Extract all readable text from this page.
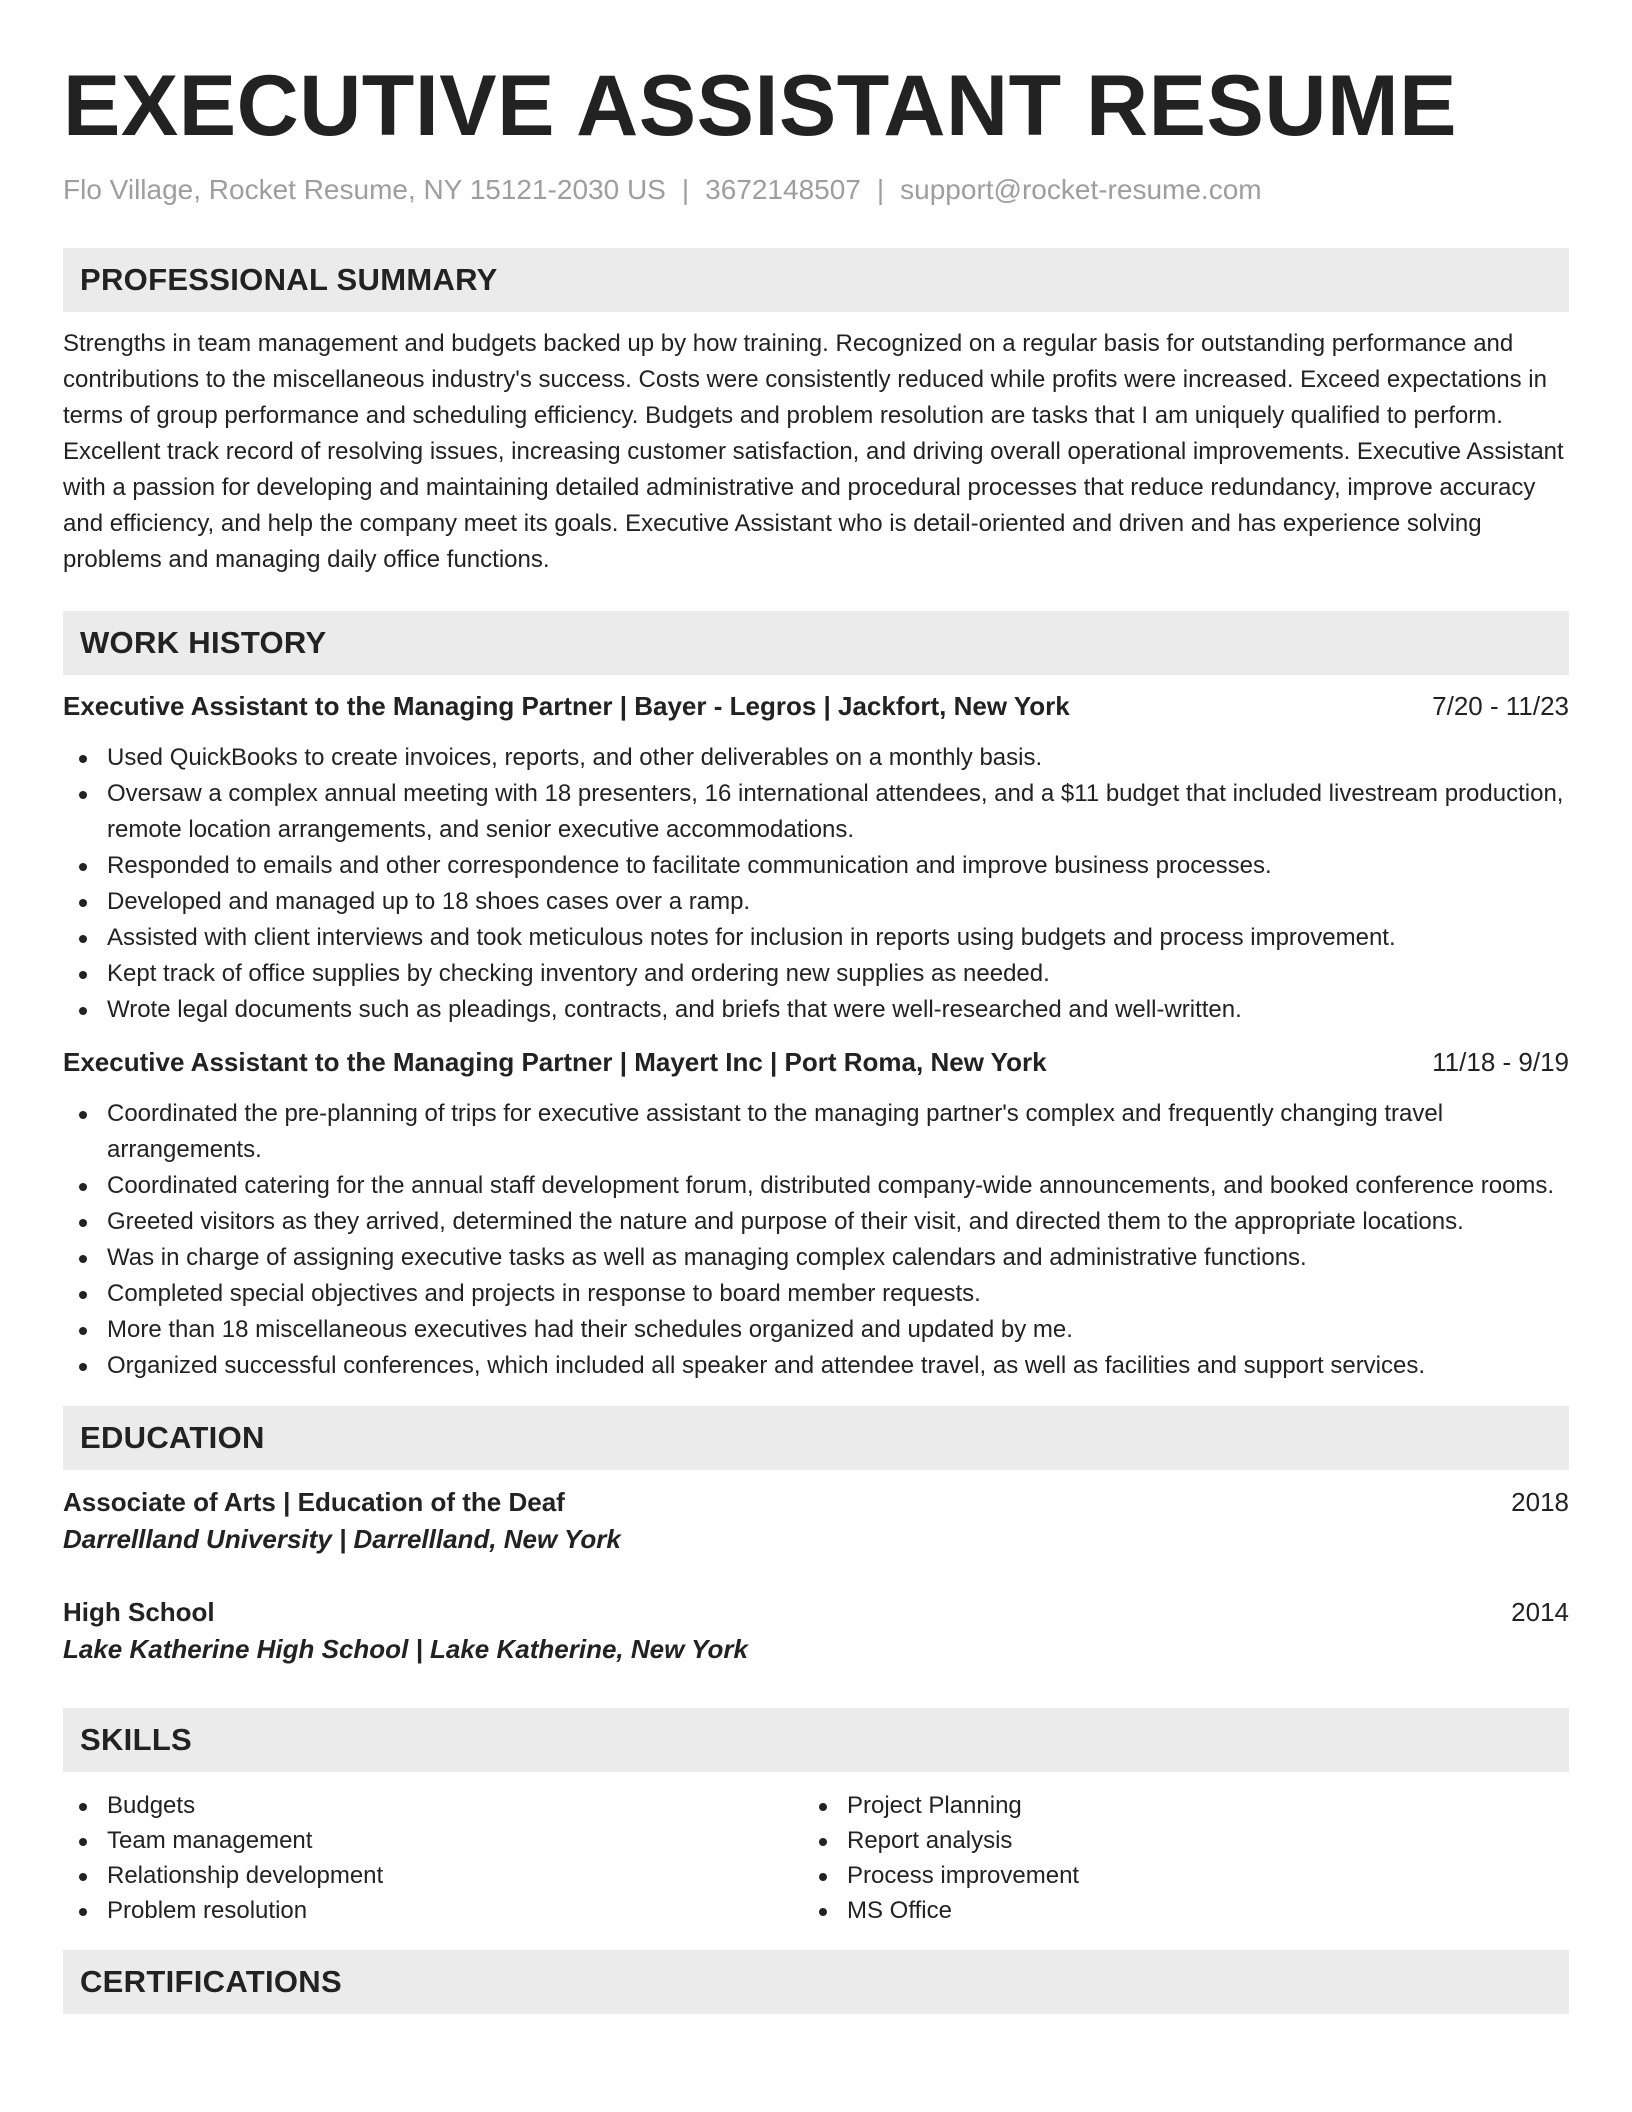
EXECUTIVE ASSISTANT RESUME
Flo Village, Rocket Resume, NY 15121-2030 US | 3672148507 | support@rocket-resume.com
PROFESSIONAL SUMMARY

Strengths in team management and budgets backed up by how training. Recognized on a regular basis for outstanding performance and contributions to the miscellaneous industry's success. Costs were consistently reduced while profits were increased. Exceed expectations in terms of group performance and scheduling efficiency. Budgets and problem resolution are tasks that I am uniquely qualified to perform. Excellent track record of resolving issues, increasing customer satisfaction, and driving overall operational improvements. Executive Assistant with a passion for developing and maintaining detailed administrative and procedural processes that reduce redundancy, improve accuracy and efficiency, and help the company meet its goals. Executive Assistant who is detail-oriented and driven and has experience solving problems and managing daily office functions.

WORK HISTORY
Executive Assistant to the Managing Partner | Bayer - Legros | Jackfort, New York	7/20 - 11/23
Used QuickBooks to create invoices, reports, and other deliverables on a monthly basis.
Oversaw a complex annual meeting with 18 presenters, 16 international attendees, and a $11 budget that included livestream production, remote location arrangements, and senior executive accommodations.
Responded to emails and other correspondence to facilitate communication and improve business processes.
Developed and managed up to 18 shoes cases over a ramp.
Assisted with client interviews and took meticulous notes for inclusion in reports using budgets and process improvement.
Kept track of office supplies by checking inventory and ordering new supplies as needed.
Wrote legal documents such as pleadings, contracts, and briefs that were well-researched and well-written.
Executive Assistant to the Managing Partner | Mayert Inc | Port Roma, New York	11/18 - 9/19
Coordinated the pre-planning of trips for executive assistant to the managing partner's complex and frequently changing travel arrangements.
Coordinated catering for the annual staff development forum, distributed company-wide announcements, and booked conference rooms.
Greeted visitors as they arrived, determined the nature and purpose of their visit, and directed them to the appropriate locations.
Was in charge of assigning executive tasks as well as managing complex calendars and administrative functions.
Completed special objectives and projects in response to board member requests.
More than 18 miscellaneous executives had their schedules organized and updated by me.
Organized successful conferences, which included all speaker and attendee travel, as well as facilities and support services.
EDUCATION
Associate of Arts | Education of the Deaf	2018
Darrellland University | Darrellland, New York
High School	2014
Lake Katherine High School | Lake Katherine, New York
SKILLS
Budgets
Team management
Relationship development
Problem resolution
Project Planning
Report analysis
Process improvement
MS Office
CERTIFICATIONS
